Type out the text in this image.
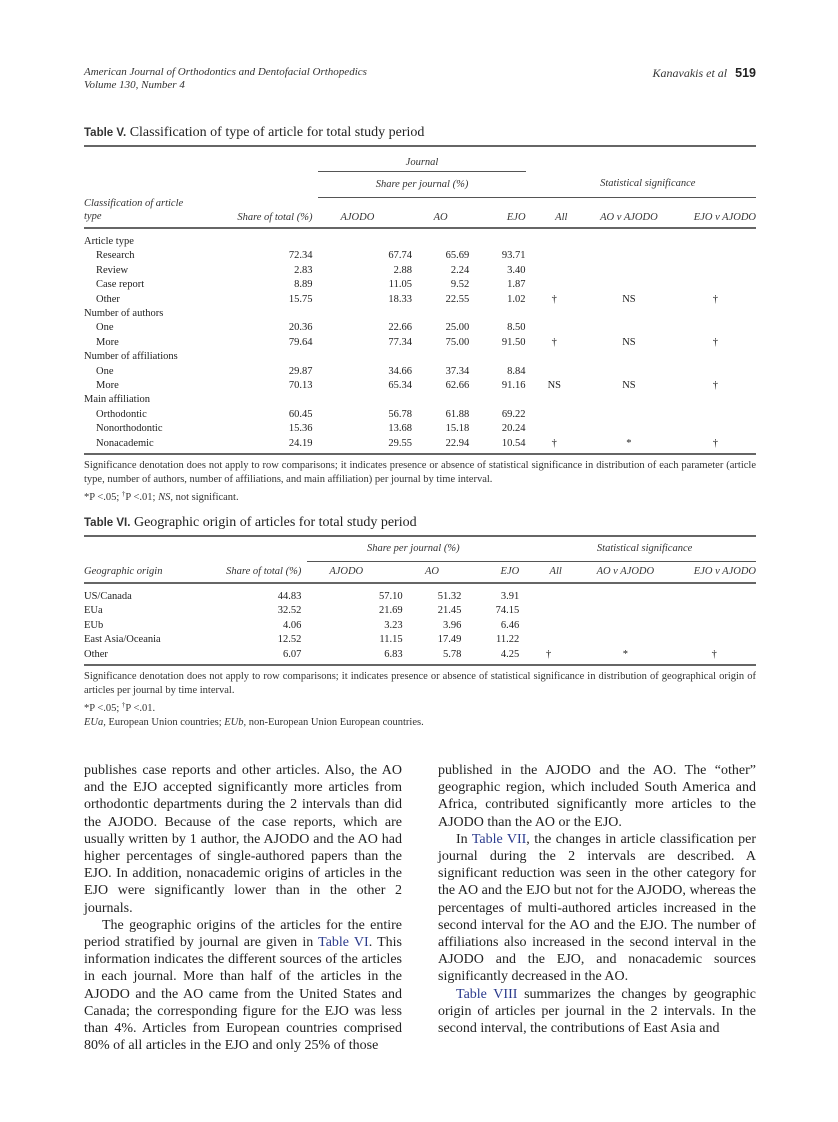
American Journal of Orthodontics and Dentofacial Orthopedics
Volume 130, Number 4
Kanavakis et al 519
Table V. Classification of type of article for total study period
		Journal					
		Share per journal (%)			Statistical significance		

Classification of article type	Share of total (%)	AJODO	AO	EJO	All	AO v AJODO	EJO v AJODO

Article type							
Research	72.34	67.74	65.69	93.71			
Review	2.83	2.88	2.24	3.40			
Case report	8.89	11.05	9.52	1.87			
Other	15.75	18.33	22.55	1.02	†	NS	†
Number of authors							
One	20.36	22.66	25.00	8.50			
More	79.64	77.34	75.00	91.50	†	NS	†
Number of affiliations							
One	29.87	34.66	37.34	8.84			
More	70.13	65.34	62.66	91.16	NS	NS	†
Main affiliation							
Orthodontic	60.45	56.78	61.88	69.22			
Nonorthodontic	15.36	13.68	15.18	20.24			
Nonacademic	24.19	29.55	22.94	10.54	†	*	†

Significance denotation does not apply to row comparisons; it indicates presence or absence of statistical significance in distribution of each parameter (article type, number of authors, number of affiliations, and main affiliation) per journal by time interval.

*P <.05; †P <.01; NS, not significant.

Table VI. Geographic origin of articles for total study period
		Share per journal (%)			Statistical significance		
Geographic origin	Share of total (%)	AJODO	AO	EJO	All	AO v AJODO	EJO v AJODO

US/Canada	44.83	57.10	51.32	3.91			
EUa	32.52	21.69	21.45	74.15			
EUb	4.06	3.23	3.96	6.46			
East Asia/Oceania	12.52	11.15	17.49	11.22			
Other	6.07	6.83	5.78	4.25	†	*	†

Significance denotation does not apply to row comparisons; it indicates presence or absence of statistical significance in distribution of geographical origin of articles per journal by time interval.

*P <.05; †P <.01.

EUa, European Union countries; EUb, non-European Union European countries.

publishes case reports and other articles. Also, the AO and the EJO accepted significantly more articles from orthodontic departments during the 2 intervals than did the AJODO. Because of the case reports, which are usually written by 1 author, the AJODO and the AO had higher percentages of single-authored papers than the EJO. In addition, nonacademic origins of articles in the EJO were significantly lower than in the other 2 journals.

The geographic origins of the articles for the entire period stratified by journal are given in Table VI. This information indicates the different sources of the articles in each journal. More than half of the articles in the AJODO and the AO came from the United States and Canada; the corresponding figure for the EJO was less than 4%. Articles from European countries comprised 80% of all articles in the EJO and only 25% of those

published in the AJODO and the AO. The “other” geographic region, which included South America and Africa, contributed significantly more articles to the AJODO than the AO or the EJO.

In Table VII, the changes in article classification per journal during the 2 intervals are described. A significant reduction was seen in the other category for the AO and the EJO but not for the AJODO, whereas the percentages of multi-authored articles increased in the second interval for the AO and the EJO. The number of affiliations also increased in the second interval in the AJODO and the EJO, and nonacademic sources significantly decreased in the AO.

Table VIII summarizes the changes by geographic origin of articles per journal in the 2 intervals. In the second interval, the contributions of East Asia and
